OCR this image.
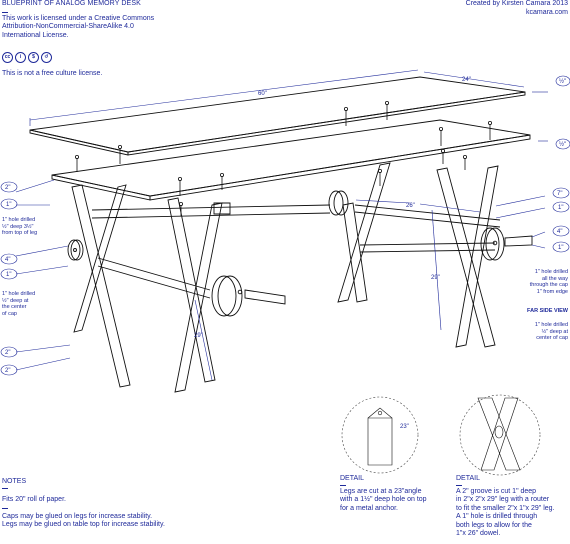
BLUEPRINT OF ANALOG MEMORY DESK

This work is licensed under a Creative Commons
Attribution-NonCommercial-ShareAlike 4.0
International License.

cc	i	$	↺

This is not a free culture license.

Created by Kirsten Camara 2013

kcamara.com

60"
24"	½"
½"
2"
1"
4"
1"
2"
2"
7"
1"
4"
1"
26"
29"
29"
23"

1" hole drilled
½" deep 3½"
from top of leg

1" hole drilled
½" deep at
the center
of cap

1" hole drilled
all the way
through the cap
1" from edge

FAR SIDE VIEW

1" hole drilled
½" deep at
center of cap

DETAIL

Legs are cut at a 23"angle
with a 1½" deep hole on top
for a metal anchor.

DETAIL

A 2" groove is cut 1" deep
in 2"x 2"x 29" leg with a router
to fit the smaller 2"x 1"x 29" leg.
A 1" hole is drilled through
both legs to allow for the
1"x 26" dowel.

NOTES

Fits 20" roll of paper.

Caps may be glued on legs for increase stability.
Legs may be glued on table top for increase stability.
